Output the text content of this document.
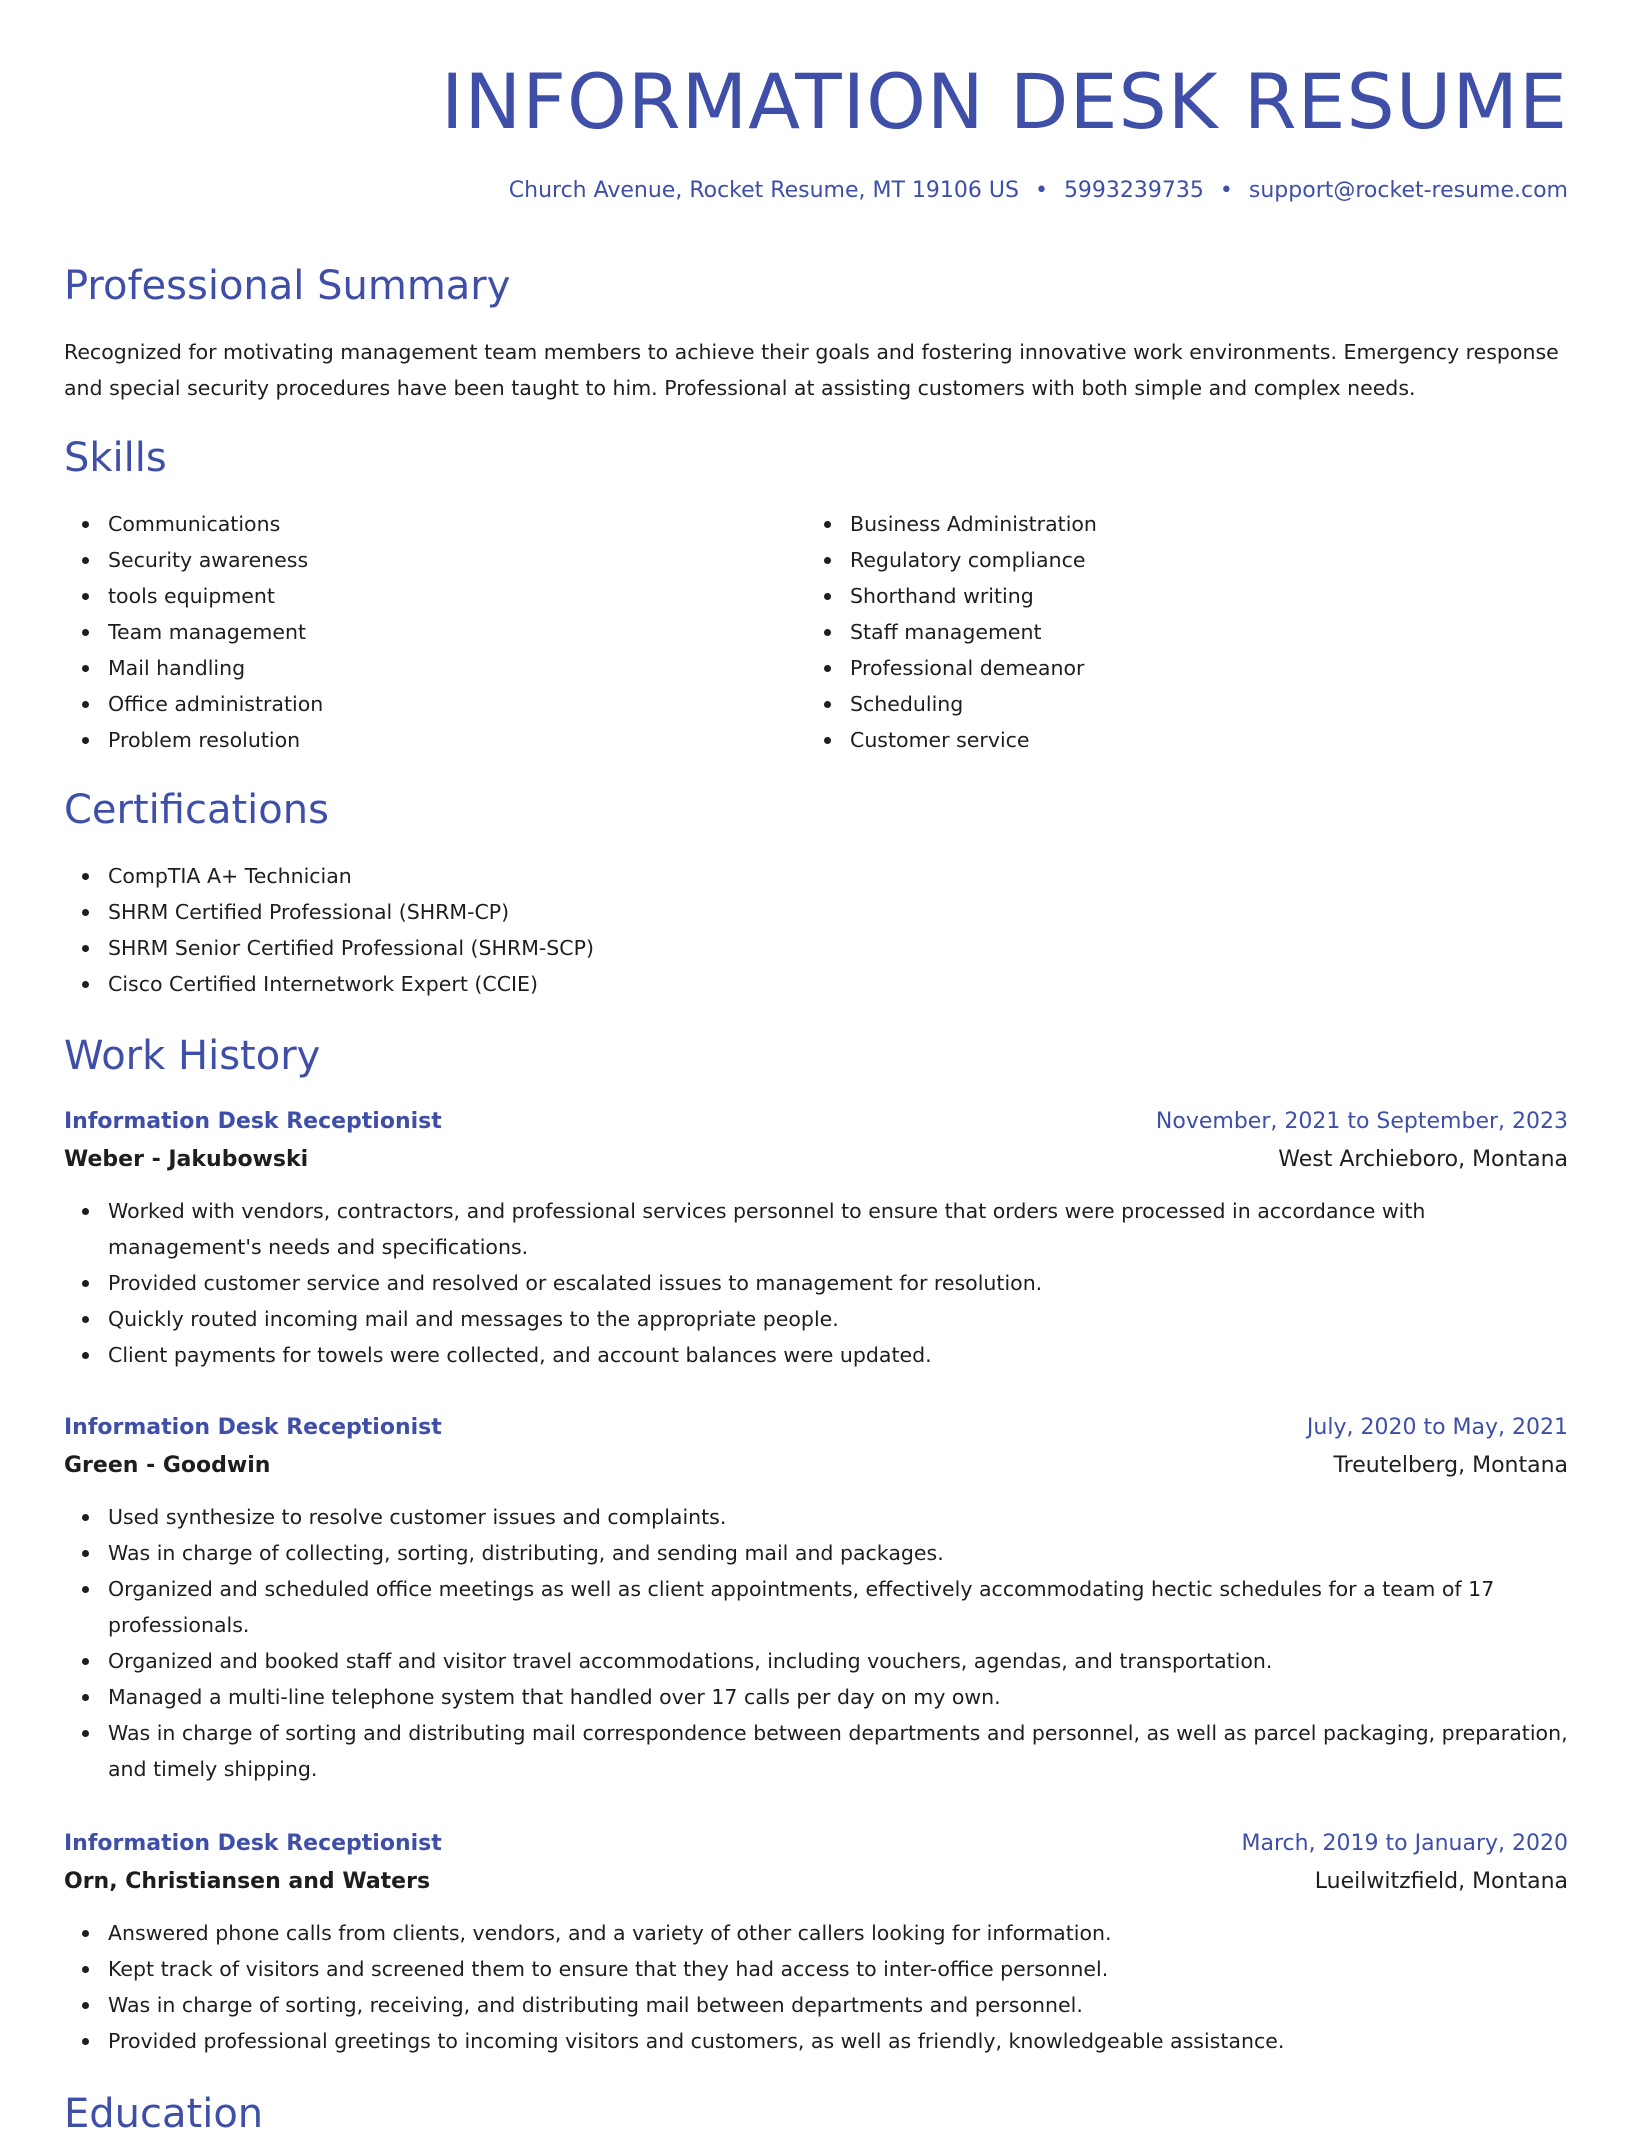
INFORMATION DESK RESUME
Church Avenue, Rocket Resume, MT 19106 US • 5993239735 • support@rocket-resume.com
Professional Summary

Recognized for motivating management team members to achieve their goals and fostering innovative work environments. Emergency response and special security procedures have been taught to him. Professional at assisting customers with both simple and complex needs.

Skills
Communications
Security awareness
tools equipment
Team management
Mail handling
Office administration
Problem resolution
Business Administration
Regulatory compliance
Shorthand writing
Staff management
Professional demeanor
Scheduling
Customer service
Certifications
CompTIA A+ Technician
SHRM Certified Professional (SHRM-CP)
SHRM Senior Certified Professional (SHRM-SCP)
Cisco Certified Internetwork Expert (CCIE)
Work History
Information Desk Receptionist	November, 2021 to September, 2023
Weber - Jakubowski	West Archieboro, Montana
Worked with vendors, contractors, and professional services personnel to ensure that orders were processed in accordance with management's needs and specifications.
Provided customer service and resolved or escalated issues to management for resolution.
Quickly routed incoming mail and messages to the appropriate people.
Client payments for towels were collected, and account balances were updated.
Information Desk Receptionist	July, 2020 to May, 2021
Green - Goodwin	Treutelberg, Montana
Used synthesize to resolve customer issues and complaints.
Was in charge of collecting, sorting, distributing, and sending mail and packages.
Organized and scheduled office meetings as well as client appointments, effectively accommodating hectic schedules for a team of 17 professionals.
Organized and booked staff and visitor travel accommodations, including vouchers, agendas, and transportation.
Managed a multi-line telephone system that handled over 17 calls per day on my own.
Was in charge of sorting and distributing mail correspondence between departments and personnel, as well as parcel packaging, preparation, and timely shipping.
Information Desk Receptionist	March, 2019 to January, 2020
Orn, Christiansen and Waters	Lueilwitzfield, Montana
Answered phone calls from clients, vendors, and a variety of other callers looking for information.
Kept track of visitors and screened them to ensure that they had access to inter-office personnel.
Was in charge of sorting, receiving, and distributing mail between departments and personnel.
Provided professional greetings to incoming visitors and customers, as well as friendly, knowledgeable assistance.
Education
